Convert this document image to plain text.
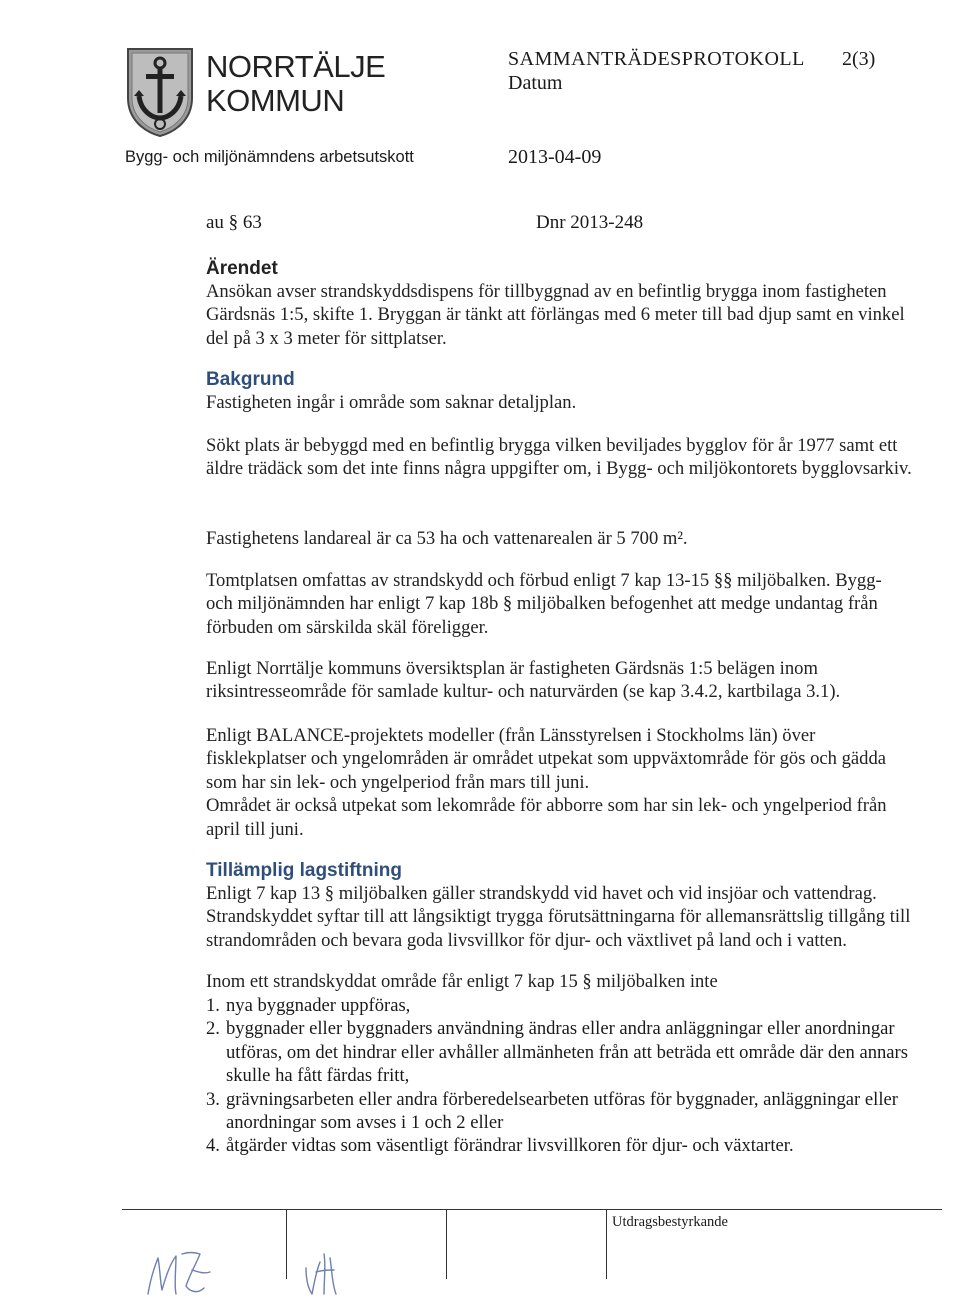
NORRTÄLJE
KOMMUN
SAMMANTRÄDESPROTOKOLL 2(3)
Datum
Bygg- och miljönämndens arbetsutskott	2013-04-09
au § 63	Dnr 2013-248
Ärendet
Ansökan avser strandskyddsdispens för tillbyggnad av en befintlig brygga inom fastigheten Gärdsnäs 1:5, skifte 1. Bryggan är tänkt att förlängas med 6 meter till bad djup samt en vinkel del på 3 x 3 meter för sittplatser.
Bakgrund
Fastigheten ingår i område som saknar detaljplan.
Sökt plats är bebyggd med en befintlig brygga vilken beviljades bygglov för år 1977 samt ett äldre trädäck som det inte finns några uppgifter om, i Bygg- och miljökontorets bygglovsarkiv.
Fastighetens landareal är ca 53 ha och vattenarealen är 5 700 m².
Tomtplatsen omfattas av strandskydd och förbud enligt 7 kap 13-15 §§ miljöbalken. Bygg- och miljönämnden har enligt 7 kap 18b § miljöbalken befogenhet att medge undantag från förbuden om särskilda skäl föreligger.
Enligt Norrtälje kommuns översiktsplan är fastigheten Gärdsnäs 1:5 belägen inom riksintresseområde för samlade kultur- och naturvärden (se kap 3.4.2, kartbilaga 3.1).
Enligt BALANCE-projektets modeller (från Länsstyrelsen i Stockholms län) över fisklekplatser och yngelområden är området utpekat som uppväxtområde för gös och gädda som har sin lek- och yngelperiod från mars till juni.
Området är också utpekat som lekområde för abborre som har sin lek- och yngelperiod från april till juni.
Tillämplig lagstiftning
Enligt 7 kap 13 § miljöbalken gäller strandskydd vid havet och vid insjöar och vattendrag. Strandskyddet syftar till att långsiktigt trygga förutsättningarna för allemansrättslig tillgång till strandområden och bevara goda livsvillkor för djur- och växtlivet på land och i vatten.
Inom ett strandskyddat område får enligt 7 kap 15 § miljöbalken inte
1. nya byggnader uppföras,
2. byggnader eller byggnaders användning ändras eller andra anläggningar eller anordningar utföras, om det hindrar eller avhåller allmänheten från att beträda ett område där den annars skulle ha fått färdas fritt,
3. grävningsarbeten eller andra förberedelsearbeten utföras för byggnader, anläggningar eller anordningar som avses i 1 och 2 eller
4. åtgärder vidtas som väsentligt förändrar livsvillkoren för djur- och växtarter.
Utdragsbestyrkande
